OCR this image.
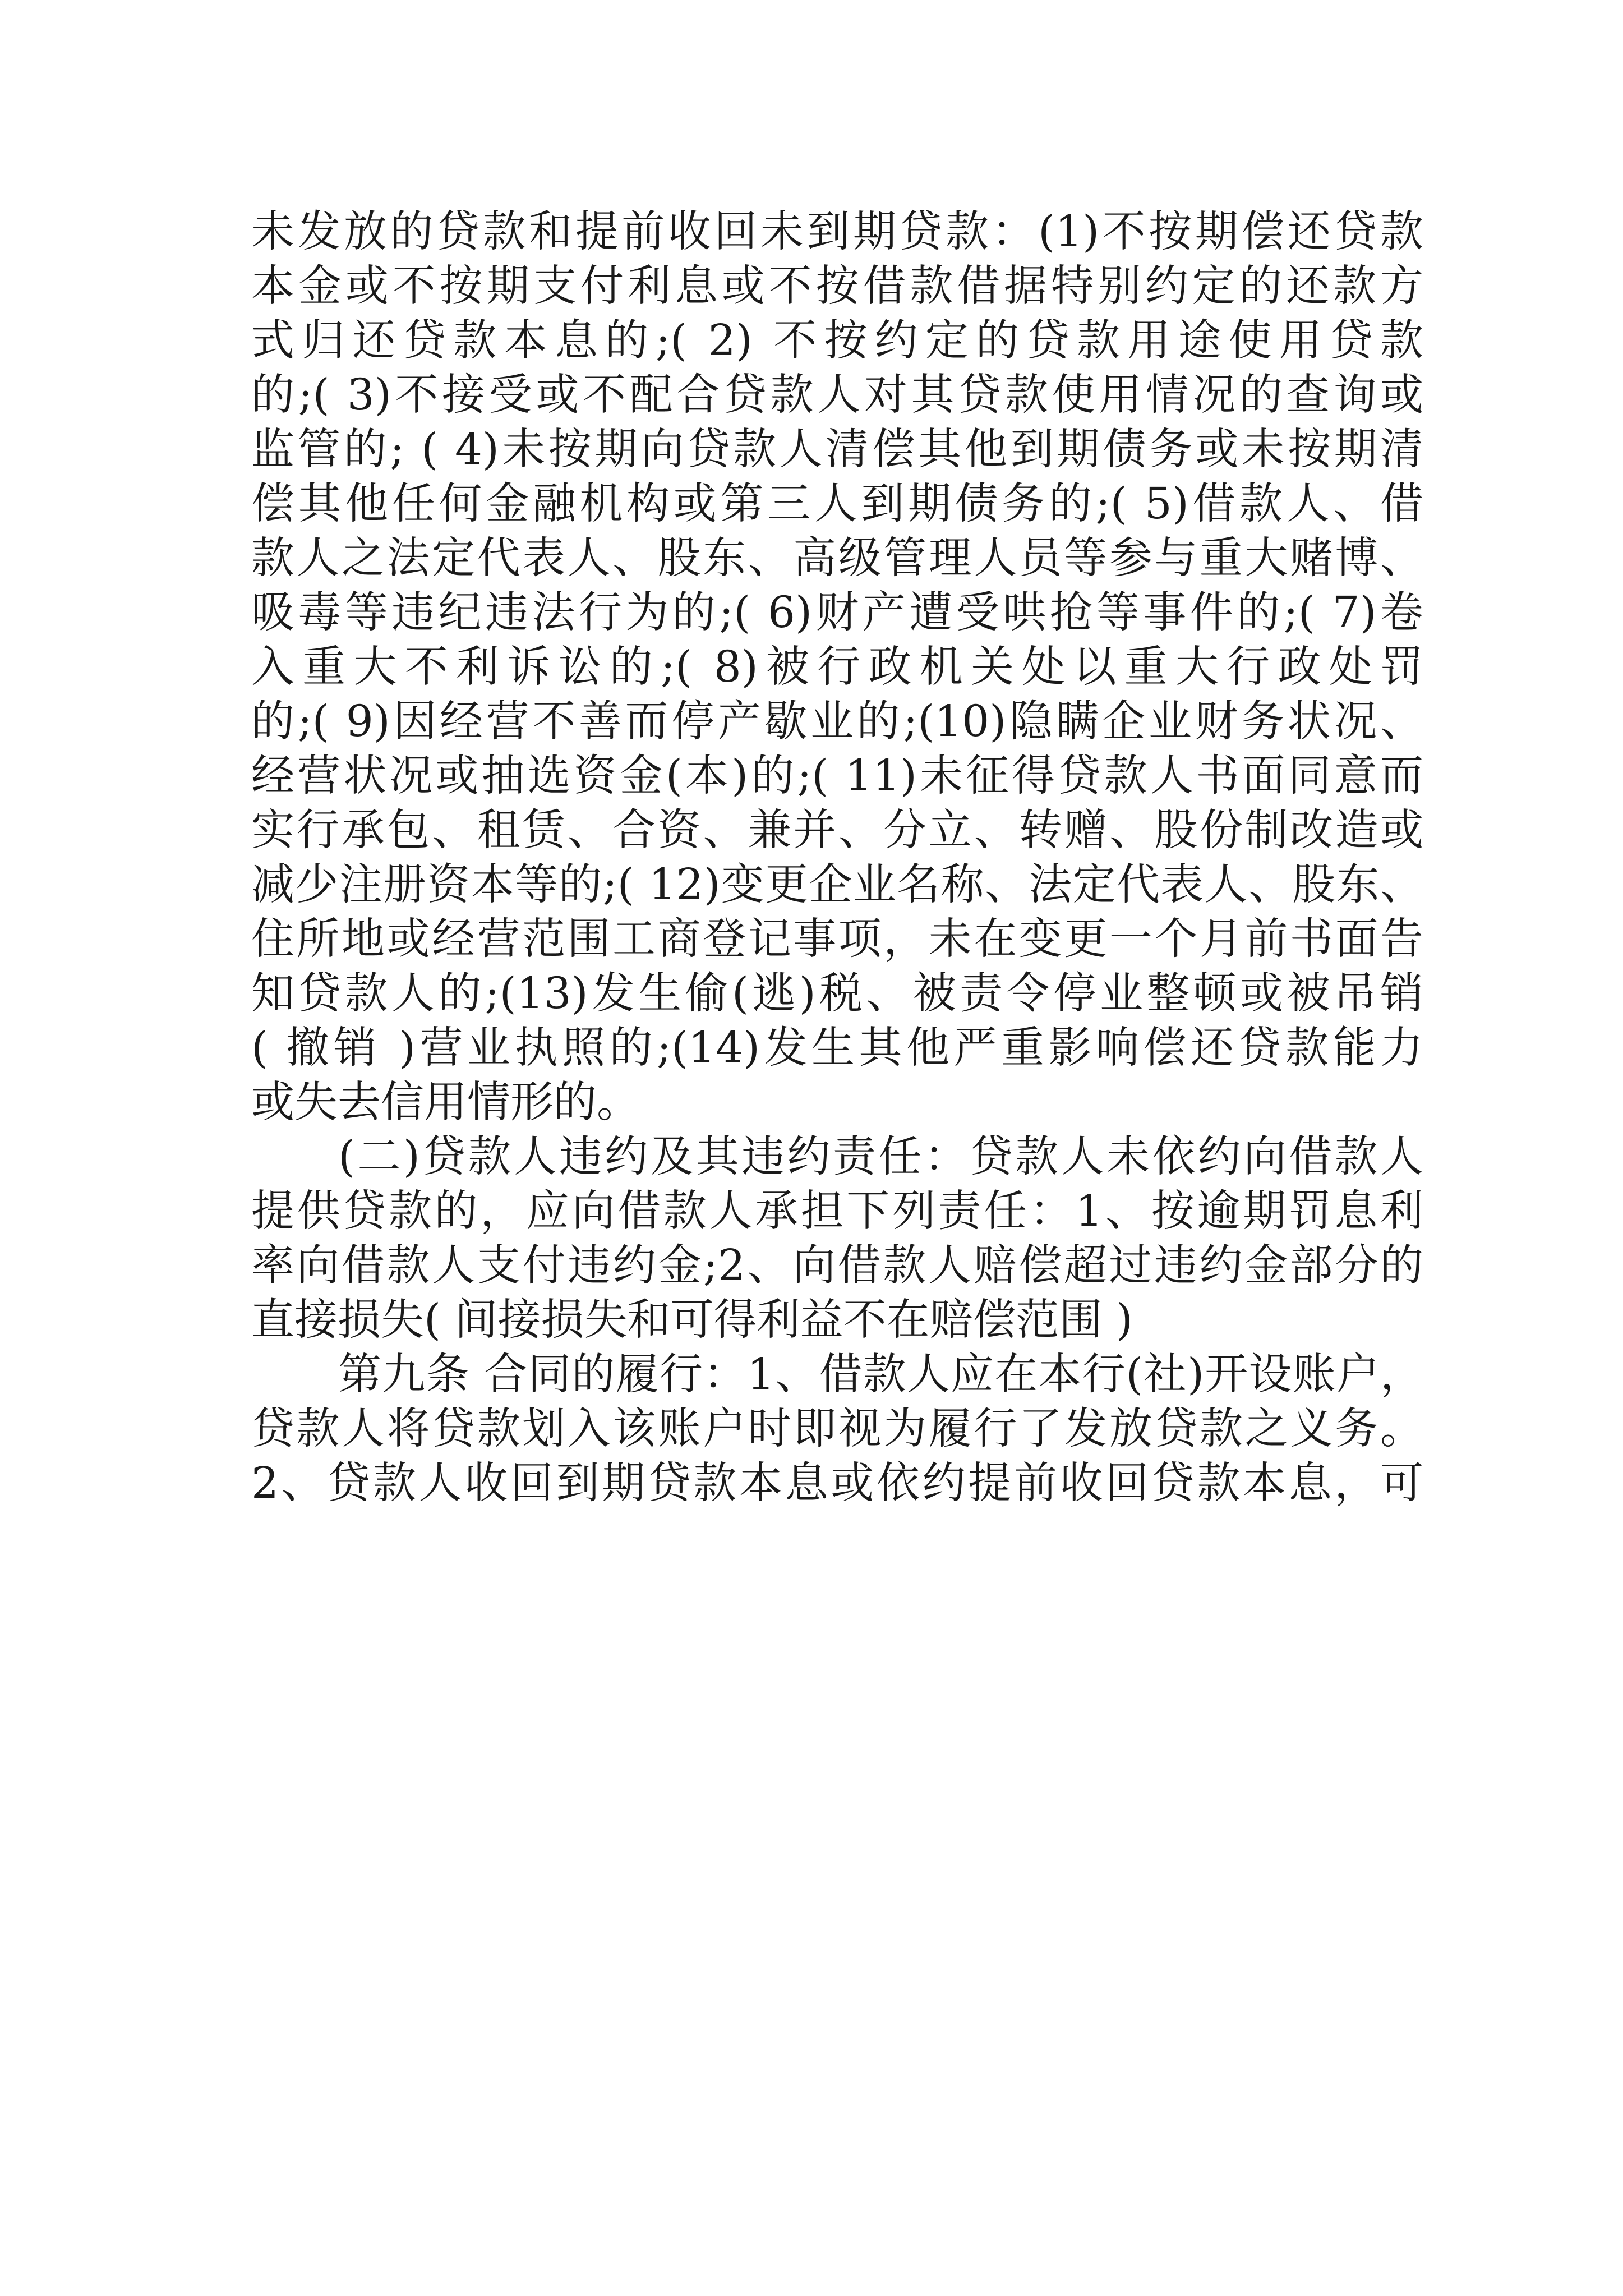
未发放的贷款和提前收回未到期贷款：(1)不按期偿还贷款
本金或不按期支付利息或不按借款借据特别约定的还款方
式归还贷款本息的;( 2) 不按约定的贷款用途使用贷款
的;( 3)不接受或不配合贷款人对其贷款使用情况的查询或
监管的; ( 4)未按期向贷款人清偿其他到期债务或未按期清
偿其他任何金融机构或第三人到期债务的;( 5)借款人、借
款人之法定代表人、股东、高级管理人员等参与重大赌博、
吸毒等违纪违法行为的;( 6)财产遭受哄抢等事件的;( 7)卷
入重大不利诉讼的;( 8)被行政机关处以重大行政处罚
的;( 9)因经营不善而停产歇业的;(10)隐瞒企业财务状况、
经营状况或抽选资金(本)的;( 11)未征得贷款人书面同意而
实行承包、租赁、合资、兼并、分立、转赠、股份制改造或
减少注册资本等的;( 12)变更企业名称、法定代表人、股东、
住所地或经营范围工商登记事项，未在变更一个月前书面告
知贷款人的;(13)发生偷(逃)税、被责令停业整顿或被吊销
( 撤销 )营业执照的;(14)发生其他严重影响偿还贷款能力
或失去信用情形的。
(二)贷款人违约及其违约责任：贷款人未依约向借款人
提供贷款的，应向借款人承担下列责任：1、按逾期罚息利
率向借款人支付违约金;2、向借款人赔偿超过违约金部分的
直接损失( 间接损失和可得利益不在赔偿范围 )
第九条 合同的履行：1、借款人应在本行(社)开设账户，
贷款人将贷款划入该账户时即视为履行了发放贷款之义务。
2、贷款人收回到期贷款本息或依约提前收回贷款本息，可
